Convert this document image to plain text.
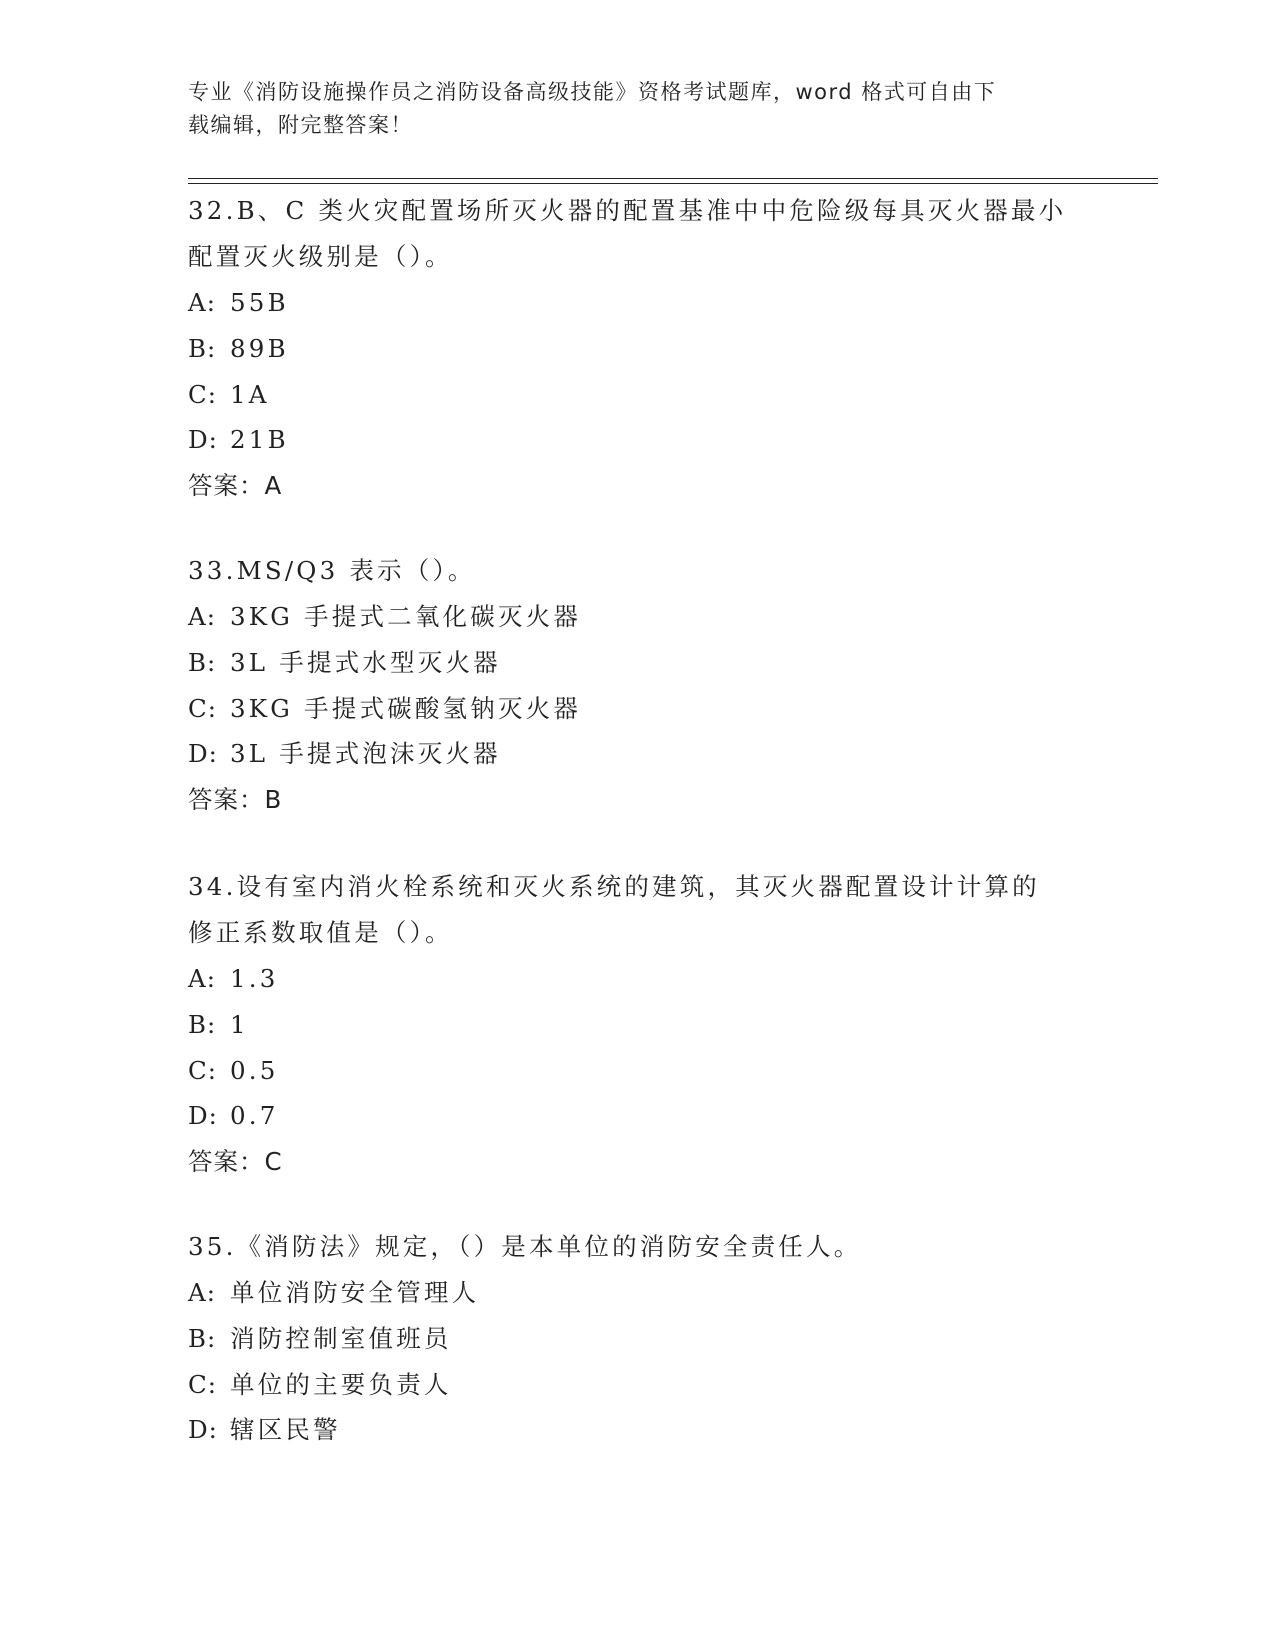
专业《消防设施操作员之消防设备高级技能》资格考试题库，word 格式可自由下
载编辑，附完整答案！
32.B、C 类火灾配置场所灭火器的配置基准中中危险级每具灭火器最小
配置灭火级别是（）。
A: 55B
B: 89B
C: 1A
D: 21B
答案：A
33.MS/Q3 表示（）。
A: 3KG 手提式二氧化碳灭火器
B: 3L 手提式水型灭火器
C: 3KG 手提式碳酸氢钠灭火器
D: 3L 手提式泡沫灭火器
答案：B
34.设有室内消火栓系统和灭火系统的建筑，其灭火器配置设计计算的
修正系数取值是（）。
A: 1.3
B: 1
C: 0.5
D: 0.7
答案：C
35.《消防法》规定，（）是本单位的消防安全责任人。
A: 单位消防安全管理人
B: 消防控制室值班员
C: 单位的主要负责人
D: 辖区民警
